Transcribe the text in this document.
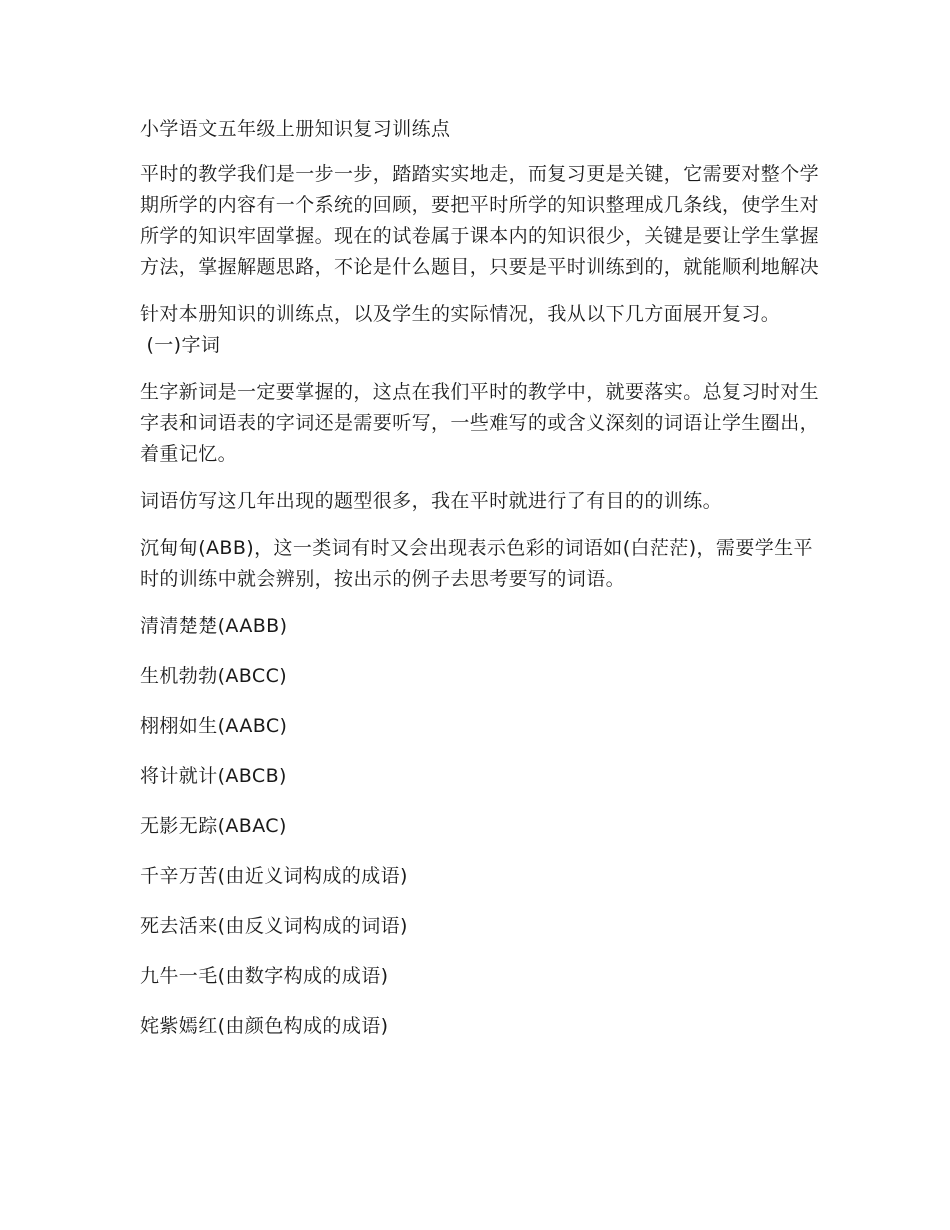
小学语文五年级上册知识复习训练点

平时的教学我们是一步一步，踏踏实实地走，而复习更是关键，它需要对整个学期所学的内容有一个系统的回顾，要把平时所学的知识整理成几条线，使学生对所学的知识牢固掌握。现在的试卷属于课本内的知识很少，关键是要让学生掌握方法，掌握解题思路，不论是什么题目，只要是平时训练到的，就能顺利地解决

针对本册知识的训练点，以及学生的实际情况，我从以下几方面展开复习。
(一)字词

生字新词是一定要掌握的，这点在我们平时的教学中，就要落实。总复习时对生字表和词语表的字词还是需要听写，一些难写的或含义深刻的词语让学生圈出，着重记忆。

词语仿写这几年出现的题型很多，我在平时就进行了有目的的训练。

沉甸甸(ABB)，这一类词有时又会出现表示色彩的词语如(白茫茫)，需要学生平时的训练中就会辨别，按出示的例子去思考要写的词语。

清清楚楚(AABB)

生机勃勃(ABCC)

栩栩如生(AABC)

将计就计(ABCB)

无影无踪(ABAC)

千辛万苦(由近义词构成的成语)

死去活来(由反义词构成的词语)

九牛一毛(由数字构成的成语)

姹紫嫣红(由颜色构成的成语)
